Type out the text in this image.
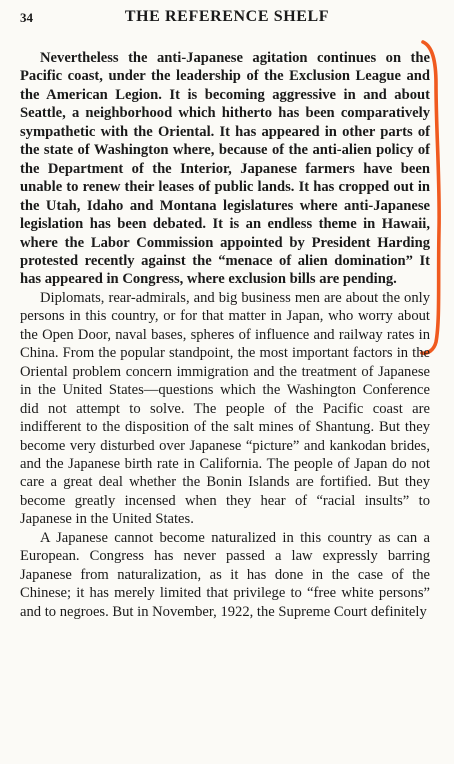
34	THE REFERENCE SHELF

Nevertheless the anti-Japanese agitation continues on the Pacific coast, under the leadership of the Exclusion League and the American Legion. It is becoming aggressive in and about Seattle, a neighborhood which hitherto has been comparatively sympathetic with the Oriental. It has appeared in other parts of the state of Washington where, because of the anti-alien policy of the Department of the Interior, Japanese farmers have been unable to renew their leases of public lands. It has cropped out in the Utah, Idaho and Montana legislatures where anti-Japanese legislation has been debated. It is an endless theme in Hawaii, where the Labor Commission appointed by President Harding protested recently against the “menace of alien domination” It has appeared in Congress, where exclusion bills are pending.

Diplomats, rear-admirals, and big business men are about the only persons in this country, or for that matter in Japan, who worry about the Open Door, naval bases, spheres of influence and railway rates in China. From the popular standpoint, the most important factors in the Oriental problem concern immigration and the treatment of Japanese in the United States—questions which the Washington Conference did not attempt to solve. The people of the Pacific coast are indifferent to the disposition of the salt mines of Shantung. But they become very disturbed over Japanese “picture” and kankodan brides, and the Japanese birth rate in California. The people of Japan do not care a great deal whether the Bonin Islands are fortified. But they become greatly incensed when they hear of “racial insults” to Japanese in the United States.

A Japanese cannot become naturalized in this country as can a European. Congress has never passed a law expressly barring Japanese from naturalization, as it has done in the case of the Chinese; it has merely limited that privilege to “free white persons” and to negroes. But in November, 1922, the Supreme Court definitely
